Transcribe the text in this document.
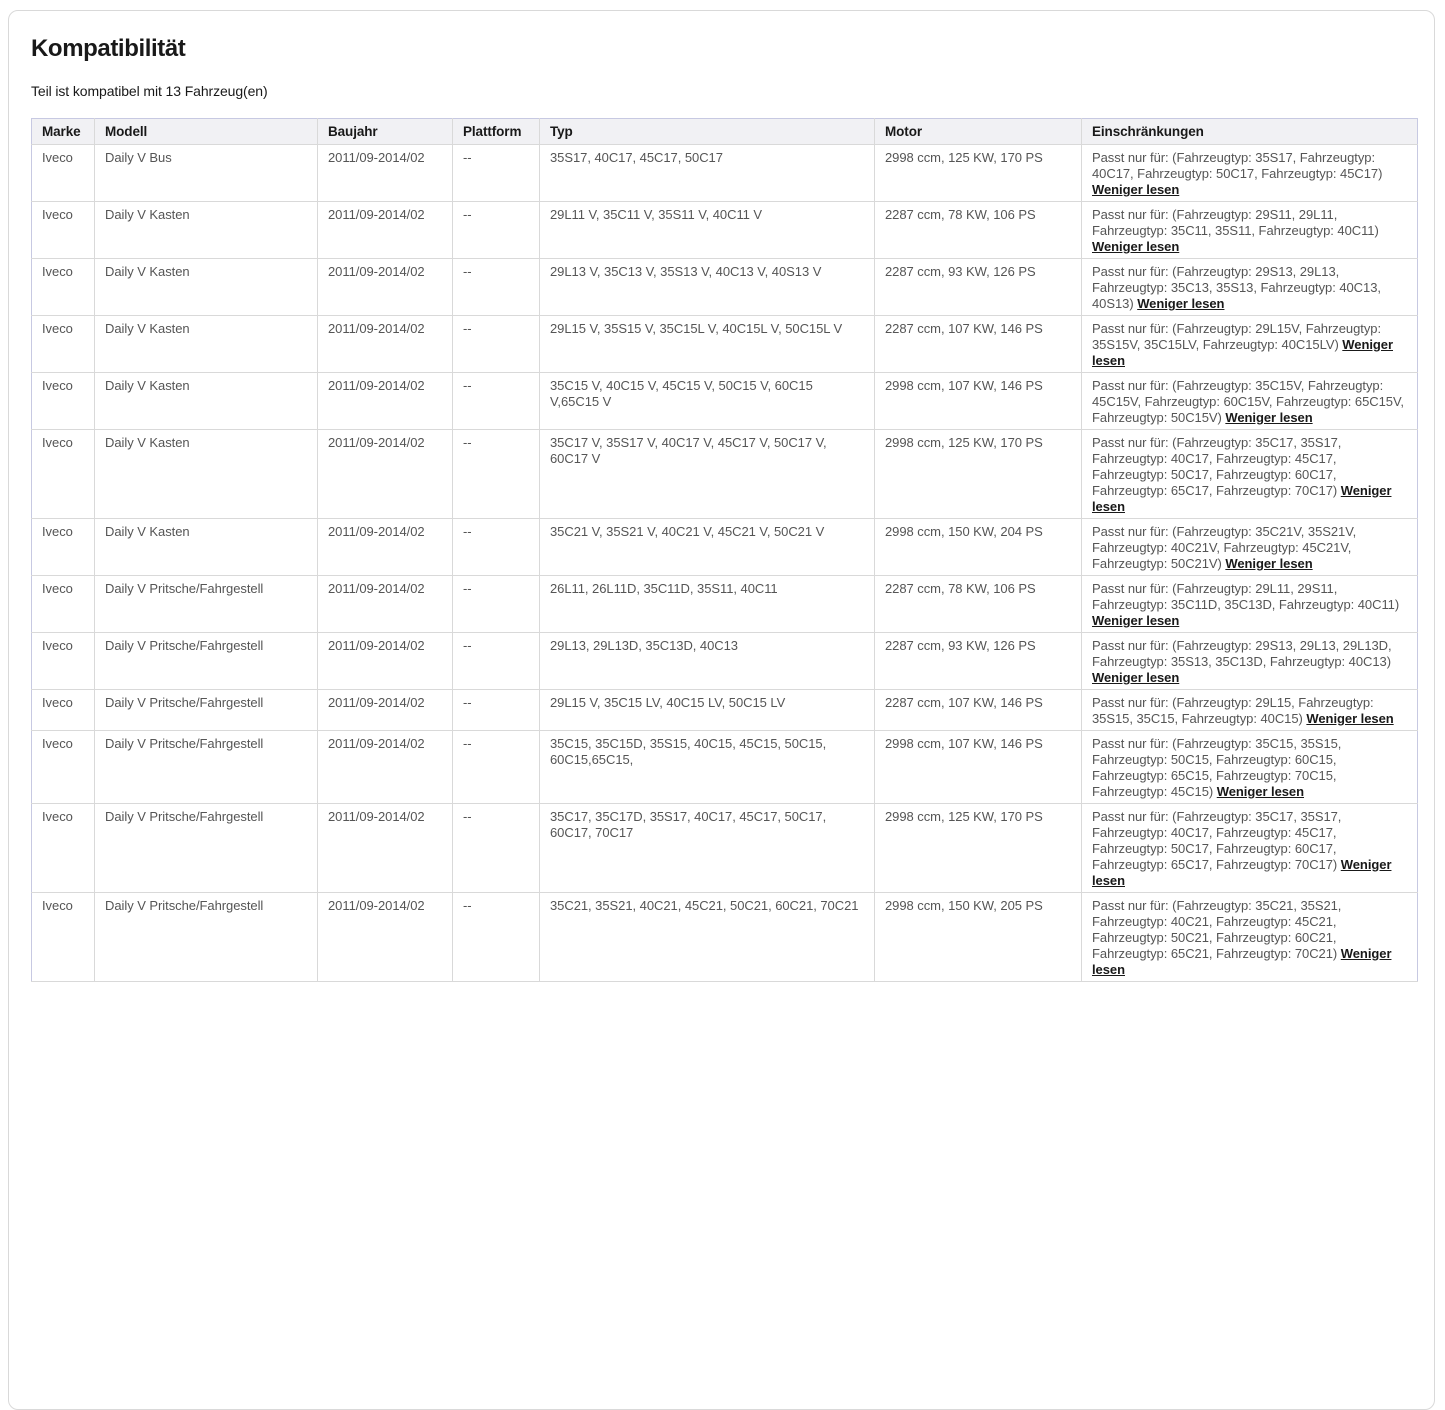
Kompatibilität
Teil ist kompatibel mit 13 Fahrzeug(en)
Marke	Modell	Baujahr	Plattform	Typ	Motor	Einschränkungen
Iveco	Daily V Bus	2011/09-2014/02	--	35S17, 40C17, 45C17, 50C17	2998 ccm, 125 KW, 170 PS	Passt nur für: (Fahrzeugtyp: 35S17, Fahrzeugtyp: 40C17, Fahrzeugtyp: 50C17, Fahrzeugtyp: 45C17) Weniger lesen
Iveco	Daily V Kasten	2011/09-2014/02	--	29L11 V, 35C11 V, 35S11 V, 40C11 V	2287 ccm, 78 KW, 106 PS	Passt nur für: (Fahrzeugtyp: 29S11, 29L11, Fahrzeugtyp: 35C11, 35S11, Fahrzeugtyp: 40C11) Weniger lesen
Iveco	Daily V Kasten	2011/09-2014/02	--	29L13 V, 35C13 V, 35S13 V, 40C13 V, 40S13 V	2287 ccm, 93 KW, 126 PS	Passt nur für: (Fahrzeugtyp: 29S13, 29L13, Fahrzeugtyp: 35C13, 35S13, Fahrzeugtyp: 40C13, 40S13) Weniger lesen
Iveco	Daily V Kasten	2011/09-2014/02	--	29L15 V, 35S15 V, 35C15L V, 40C15L V, 50C15L V	2287 ccm, 107 KW, 146 PS	Passt nur für: (Fahrzeugtyp: 29L15V, Fahrzeugtyp: 35S15V, 35C15LV, Fahrzeugtyp: 40C15LV) Weniger lesen
Iveco	Daily V Kasten	2011/09-2014/02	--	35C15 V, 40C15 V, 45C15 V, 50C15 V, 60C15 V,65C15 V	2998 ccm, 107 KW, 146 PS	Passt nur für: (Fahrzeugtyp: 35C15V, Fahrzeugtyp: 45C15V, Fahrzeugtyp: 60C15V, Fahrzeugtyp: 65C15V, Fahrzeugtyp: 50C15V) Weniger lesen
Iveco	Daily V Kasten	2011/09-2014/02	--	35C17 V, 35S17 V, 40C17 V, 45C17 V, 50C17 V, 60C17 V	2998 ccm, 125 KW, 170 PS	Passt nur für: (Fahrzeugtyp: 35C17, 35S17, Fahrzeugtyp: 40C17, Fahrzeugtyp: 45C17, Fahrzeugtyp: 50C17, Fahrzeugtyp: 60C17, Fahrzeugtyp: 65C17, Fahrzeugtyp: 70C17) Weniger lesen
Iveco	Daily V Kasten	2011/09-2014/02	--	35C21 V, 35S21 V, 40C21 V, 45C21 V, 50C21 V	2998 ccm, 150 KW, 204 PS	Passt nur für: (Fahrzeugtyp: 35C21V, 35S21V, Fahrzeugtyp: 40C21V, Fahrzeugtyp: 45C21V, Fahrzeugtyp: 50C21V) Weniger lesen
Iveco	Daily V Pritsche/Fahrgestell	2011/09-2014/02	--	26L11, 26L11D, 35C11D, 35S11, 40C11	2287 ccm, 78 KW, 106 PS	Passt nur für: (Fahrzeugtyp: 29L11, 29S11, Fahrzeugtyp: 35C11D, 35C13D, Fahrzeugtyp: 40C11) Weniger lesen
Iveco	Daily V Pritsche/Fahrgestell	2011/09-2014/02	--	29L13, 29L13D, 35C13D, 40C13	2287 ccm, 93 KW, 126 PS	Passt nur für: (Fahrzeugtyp: 29S13, 29L13, 29L13D, Fahrzeugtyp: 35S13, 35C13D, Fahrzeugtyp: 40C13) Weniger lesen
Iveco	Daily V Pritsche/Fahrgestell	2011/09-2014/02	--	29L15 V, 35C15 LV, 40C15 LV, 50C15 LV	2287 ccm, 107 KW, 146 PS	Passt nur für: (Fahrzeugtyp: 29L15, Fahrzeugtyp: 35S15, 35C15, Fahrzeugtyp: 40C15) Weniger lesen
Iveco	Daily V Pritsche/Fahrgestell	2011/09-2014/02	--	35C15, 35C15D, 35S15, 40C15, 45C15, 50C15, 60C15,65C15,	2998 ccm, 107 KW, 146 PS	Passt nur für: (Fahrzeugtyp: 35C15, 35S15, Fahrzeugtyp: 50C15, Fahrzeugtyp: 60C15, Fahrzeugtyp: 65C15, Fahrzeugtyp: 70C15, Fahrzeugtyp: 45C15) Weniger lesen
Iveco	Daily V Pritsche/Fahrgestell	2011/09-2014/02	--	35C17, 35C17D, 35S17, 40C17, 45C17, 50C17, 60C17, 70C17	2998 ccm, 125 KW, 170 PS	Passt nur für: (Fahrzeugtyp: 35C17, 35S17, Fahrzeugtyp: 40C17, Fahrzeugtyp: 45C17, Fahrzeugtyp: 50C17, Fahrzeugtyp: 60C17, Fahrzeugtyp: 65C17, Fahrzeugtyp: 70C17) Weniger lesen
Iveco	Daily V Pritsche/Fahrgestell	2011/09-2014/02	--	35C21, 35S21, 40C21, 45C21, 50C21, 60C21, 70C21	2998 ccm, 150 KW, 205 PS	Passt nur für: (Fahrzeugtyp: 35C21, 35S21, Fahrzeugtyp: 40C21, Fahrzeugtyp: 45C21, Fahrzeugtyp: 50C21, Fahrzeugtyp: 60C21, Fahrzeugtyp: 65C21, Fahrzeugtyp: 70C21) Weniger lesen
